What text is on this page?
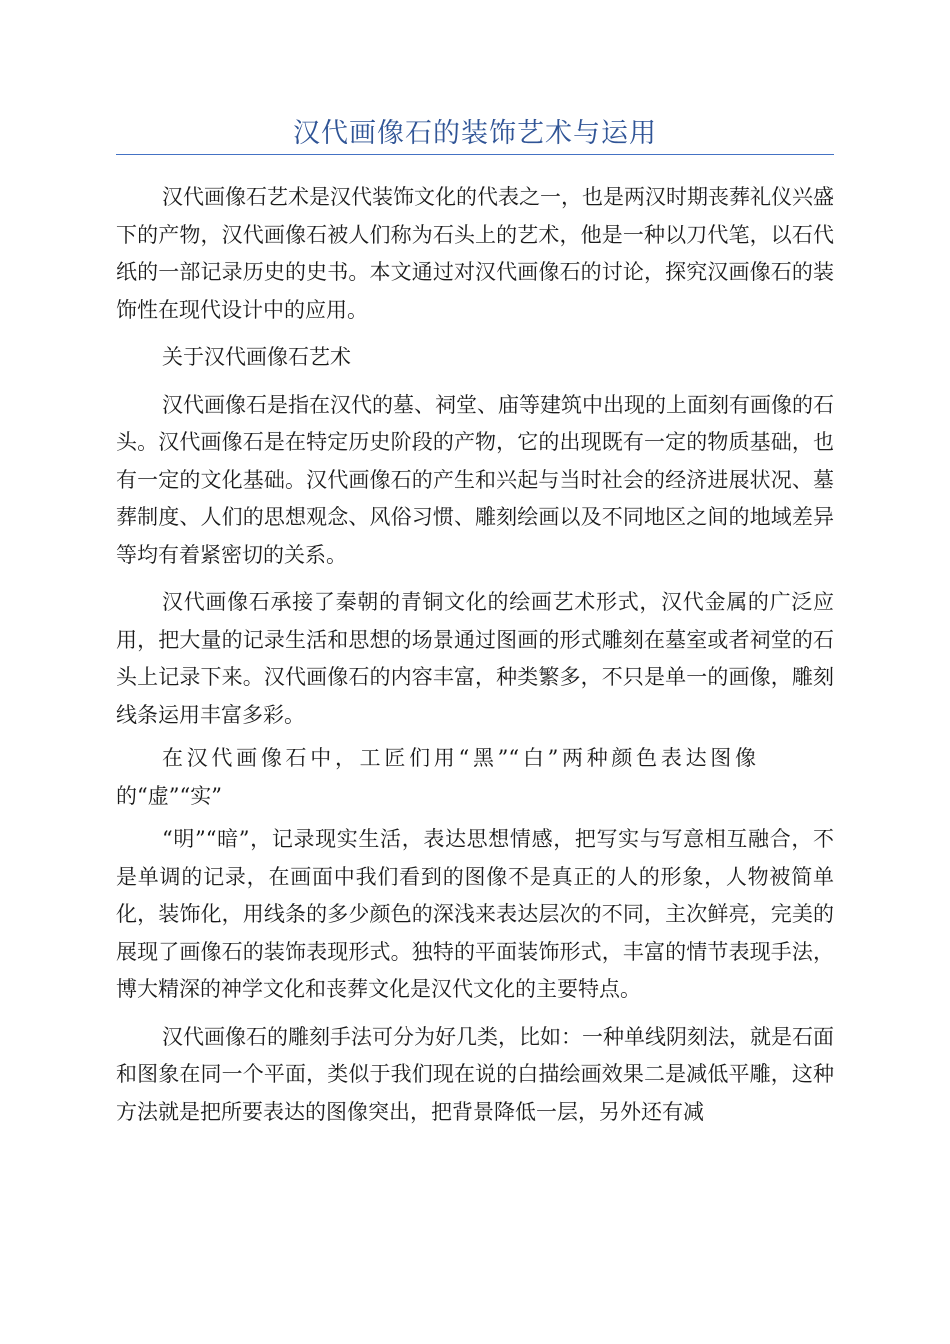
汉代画像石的装饰艺术与运用

汉代画像石艺术是汉代装饰文化的代表之一，也是两汉时期丧葬礼仪兴盛下的产物，汉代画像石被人们称为石头上的艺术，他是一种以刀代笔，以石代纸的一部记录历史的史书。本文通过对汉代画像石的讨论，探究汉画像石的装饰性在现代设计中的应用。

关于汉代画像石艺术

汉代画像石是指在汉代的墓、祠堂、庙等建筑中出现的上面刻有画像的石头。汉代画像石是在特定历史阶段的产物，它的出现既有一定的物质基础，也有一定的文化基础。汉代画像石的产生和兴起与当时社会的经济进展状况、墓葬制度、人们的思想观念、风俗习惯、雕刻绘画以及不同地区之间的地域差异等均有着紧密切的关系。

汉代画像石承接了秦朝的青铜文化的绘画艺术形式，汉代金属的广泛应用，把大量的记录生活和思想的场景通过图画的形式雕刻在墓室或者祠堂的石头上记录下来。汉代画像石的内容丰富，种类繁多，不只是单一的画像，雕刻线条运用丰富多彩。

在汉代画像石中，工匠们用“黑”“白”两种颜色表达图像的“虚”“实”

“明”“暗”，记录现实生活，表达思想情感，把写实与写意相互融合，不是单调的记录，在画面中我们看到的图像不是真正的人的形象，人物被简单化，装饰化，用线条的多少颜色的深浅来表达层次的不同，主次鲜亮，完美的展现了画像石的装饰表现形式。独特的平面装饰形式，丰富的情节表现手法，博大精深的神学文化和丧葬文化是汉代文化的主要特点。

汉代画像石的雕刻手法可分为好几类，比如：一种单线阴刻法，就是石面和图象在同一个平面，类似于我们现在说的白描绘画效果二是减低平雕，这种方法就是把所要表达的图像突出，把背景降低一层，另外还有减
